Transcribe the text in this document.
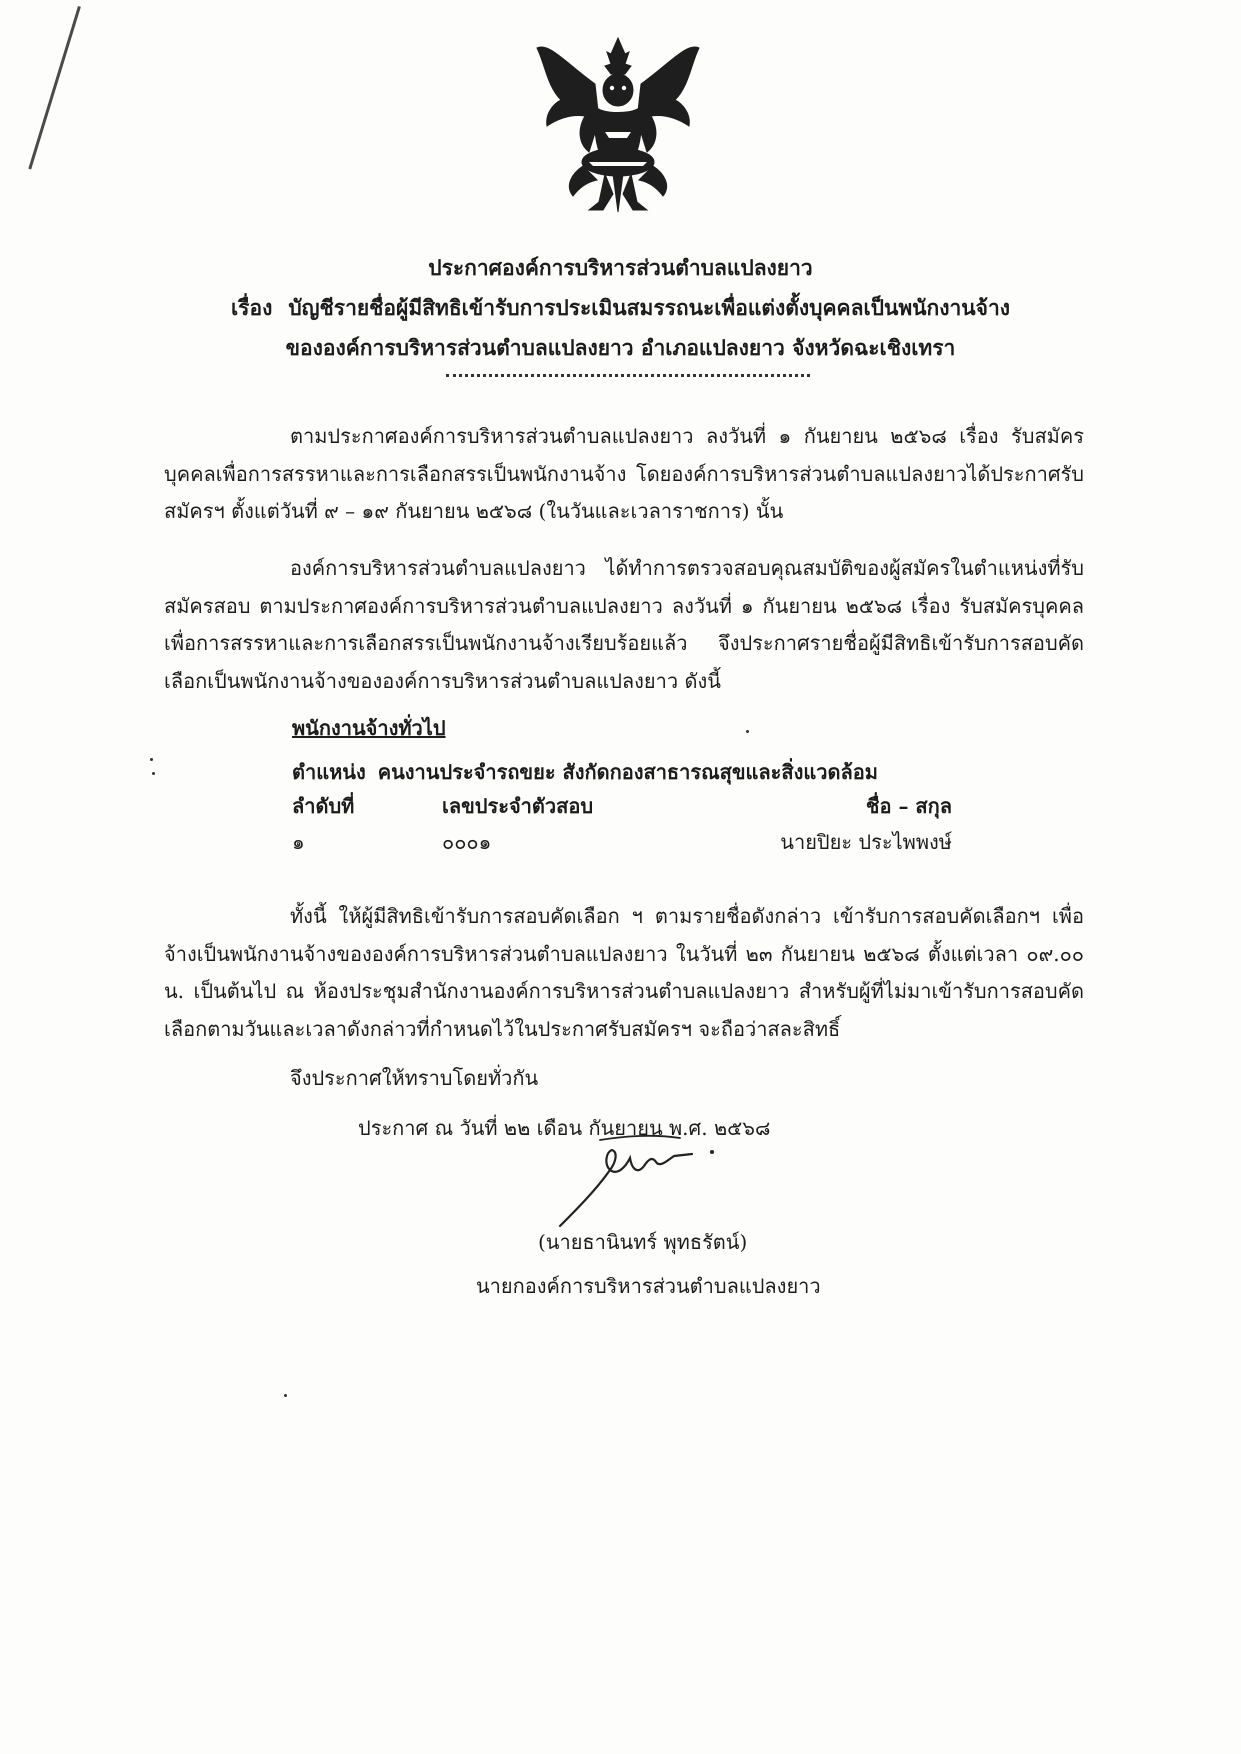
ประกาศองค์การบริหารส่วนตำบลแปลงยาว
เรื่อง บัญชีรายชื่อผู้มีสิทธิเข้ารับการประเมินสมรรถนะเพื่อแต่งตั้งบุคคลเป็นพนักงานจ้าง
ขององค์การบริหารส่วนตำบลแปลงยาว อำเภอแปลงยาว จังหวัดฉะเชิงเทรา

ตามประกาศองค์การบริหารส่วนตำบลแปลงยาว ลงวันที่ ๑ กันยายน ๒๕๖๘ เรื่อง รับสมัครบุคคลเพื่อการสรรหาและการเลือกสรรเป็นพนักงานจ้าง โดยองค์การบริหารส่วนตำบลแปลงยาวได้ประกาศรับสมัครฯ ตั้งแต่วันที่ ๙ – ๑๙ กันยายน ๒๕๖๘ (ในวันและเวลาราชการ) นั้น

องค์การบริหารส่วนตำบลแปลงยาว ได้ทำการตรวจสอบคุณสมบัติของผู้สมัครในตำแหน่งที่รับสมัครสอบ ตามประกาศองค์การบริหารส่วนตำบลแปลงยาว ลงวันที่ ๑ กันยายน ๒๕๖๘ เรื่อง รับสมัครบุคคลเพื่อการสรรหาและการเลือกสรรเป็นพนักงานจ้างเรียบร้อยแล้ว จึงประกาศรายชื่อผู้มีสิทธิเข้ารับการสอบคัดเลือกเป็นพนักงานจ้างขององค์การบริหารส่วนตำบลแปลงยาว ดังนี้

พนักงานจ้างทั่วไป
ตำแหน่ง คนงานประจำรถขยะ สังกัดกองสาธารณสุขและสิ่งแวดล้อม
ลำดับที่	เลขประจำตัวสอบ	ชื่อ – สกุล
๑	๐๐๐๑	นายปิยะ ประไพพงษ์

ทั้งนี้ ให้ผู้มีสิทธิเข้ารับการสอบคัดเลือก ฯ ตามรายชื่อดังกล่าว เข้ารับการสอบคัดเลือกฯ เพื่อจ้างเป็นพนักงานจ้างขององค์การบริหารส่วนตำบลแปลงยาว ในวันที่ ๒๓ กันยายน ๒๕๖๘ ตั้งแต่เวลา ๐๙.๐๐ น. เป็นต้นไป ณ ห้องประชุมสำนักงานองค์การบริหารส่วนตำบลแปลงยาว สำหรับผู้ที่ไม่มาเข้ารับการสอบคัดเลือกตามวันและเวลาดังกล่าวที่กำหนดไว้ในประกาศรับสมัครฯ จะถือว่าสละสิทธิ์

จึงประกาศให้ทราบโดยทั่วกัน
ประกาศ ณ วันที่ ๒๒ เดือน กันยายน พ.ศ. ๒๕๖๘
(นายธานินทร์ พุทธรัตน์)
นายกองค์การบริหารส่วนตำบลแปลงยาว
